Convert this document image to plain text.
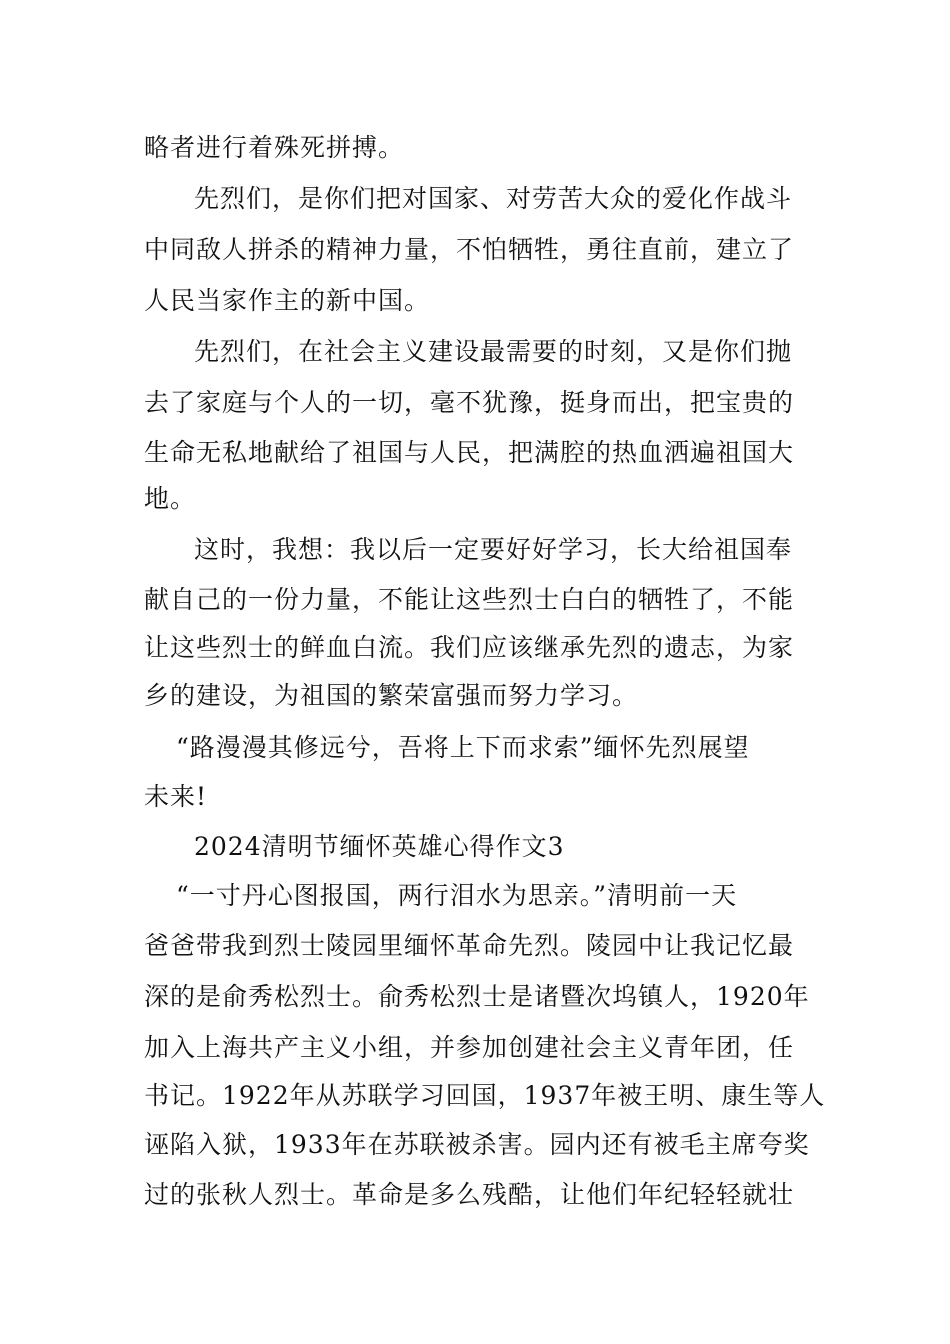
略者进行着殊死拼搏。
先烈们，是你们把对国家、对劳苦大众的爱化作战斗
中同敌人拼杀的精神力量，不怕牺牲，勇往直前，建立了
人民当家作主的新中国。
先烈们，在社会主义建设最需要的时刻，又是你们抛
去了家庭与个人的一切，毫不犹豫，挺身而出，把宝贵的
生命无私地献给了祖国与人民，把满腔的热血洒遍祖国大
地。
这时，我想：我以后一定要好好学习，长大给祖国奉
献自己的一份力量，不能让这些烈士白白的牺牲了，不能
让这些烈士的鲜血白流。我们应该继承先烈的遗志，为家
乡的建设，为祖国的繁荣富强而努力学习。
“路漫漫其修远兮，吾将上下而求索”缅怀先烈展望
未来!
2024清明节缅怀英雄心得作文3
“一寸丹心图报国，两行泪水为思亲。”清明前一天
爸爸带我到烈士陵园里缅怀革命先烈。陵园中让我记忆最
深的是俞秀松烈士。俞秀松烈士是诸暨次坞镇人，1920年
加入上海共产主义小组，并参加创建社会主义青年团，任
书记。1922年从苏联学习回国，1937年被王明、康生等人
诬陷入狱，1933年在苏联被杀害。园内还有被毛主席夸奖
过的张秋人烈士。革命是多么残酷，让他们年纪轻轻就壮
